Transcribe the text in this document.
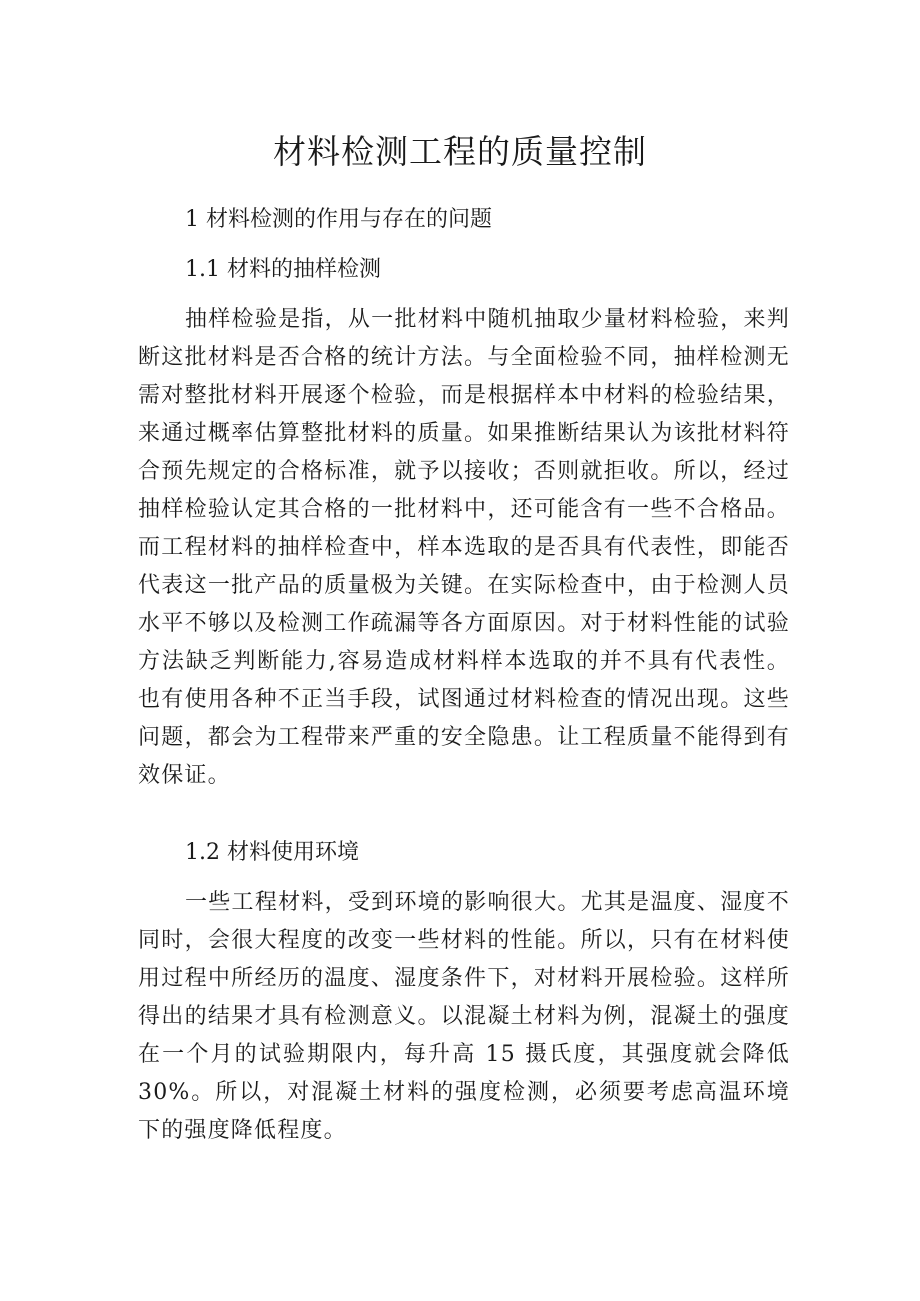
材料检测工程的质量控制
1 材料检测的作用与存在的问题
1.1 材料的抽样检测

抽样检验是指，从一批材料中随机抽取少量材料检验，来判断这批材料是否合格的统计方法。与全面检验不同，抽样检测无需对整批材料开展逐个检验，而是根据样本中材料的检验结果，来通过概率估算整批材料的质量。如果推断结果认为该批材料符合预先规定的合格标准，就予以接收；否则就拒收。所以，经过抽样检验认定其合格的一批材料中，还可能含有一些不合格品。而工程材料的抽样检查中，样本选取的是否具有代表性，即能否代表这一批产品的质量极为关键。在实际检查中，由于检测人员水平不够以及检测工作疏漏等各方面原因。对于材料性能的试验方法缺乏判断能力,容易造成材料样本选取的并不具有代表性。也有使用各种不正当手段，试图通过材料检查的情况出现。这些问题，都会为工程带来严重的安全隐患。让工程质量不能得到有效保证。

1.2 材料使用环境

一些工程材料，受到环境的影响很大。尤其是温度、湿度不同时，会很大程度的改变一些材料的性能。所以，只有在材料使用过程中所经历的温度、湿度条件下，对材料开展检验。这样所得出的结果才具有检测意义。以混凝土材料为例，混凝土的强度在一个月的试验期限内，每升高 15 摄氏度，其强度就会降低 30%。所以，对混凝土材料的强度检测，必须要考虑高温环境下的强度降低程度。
